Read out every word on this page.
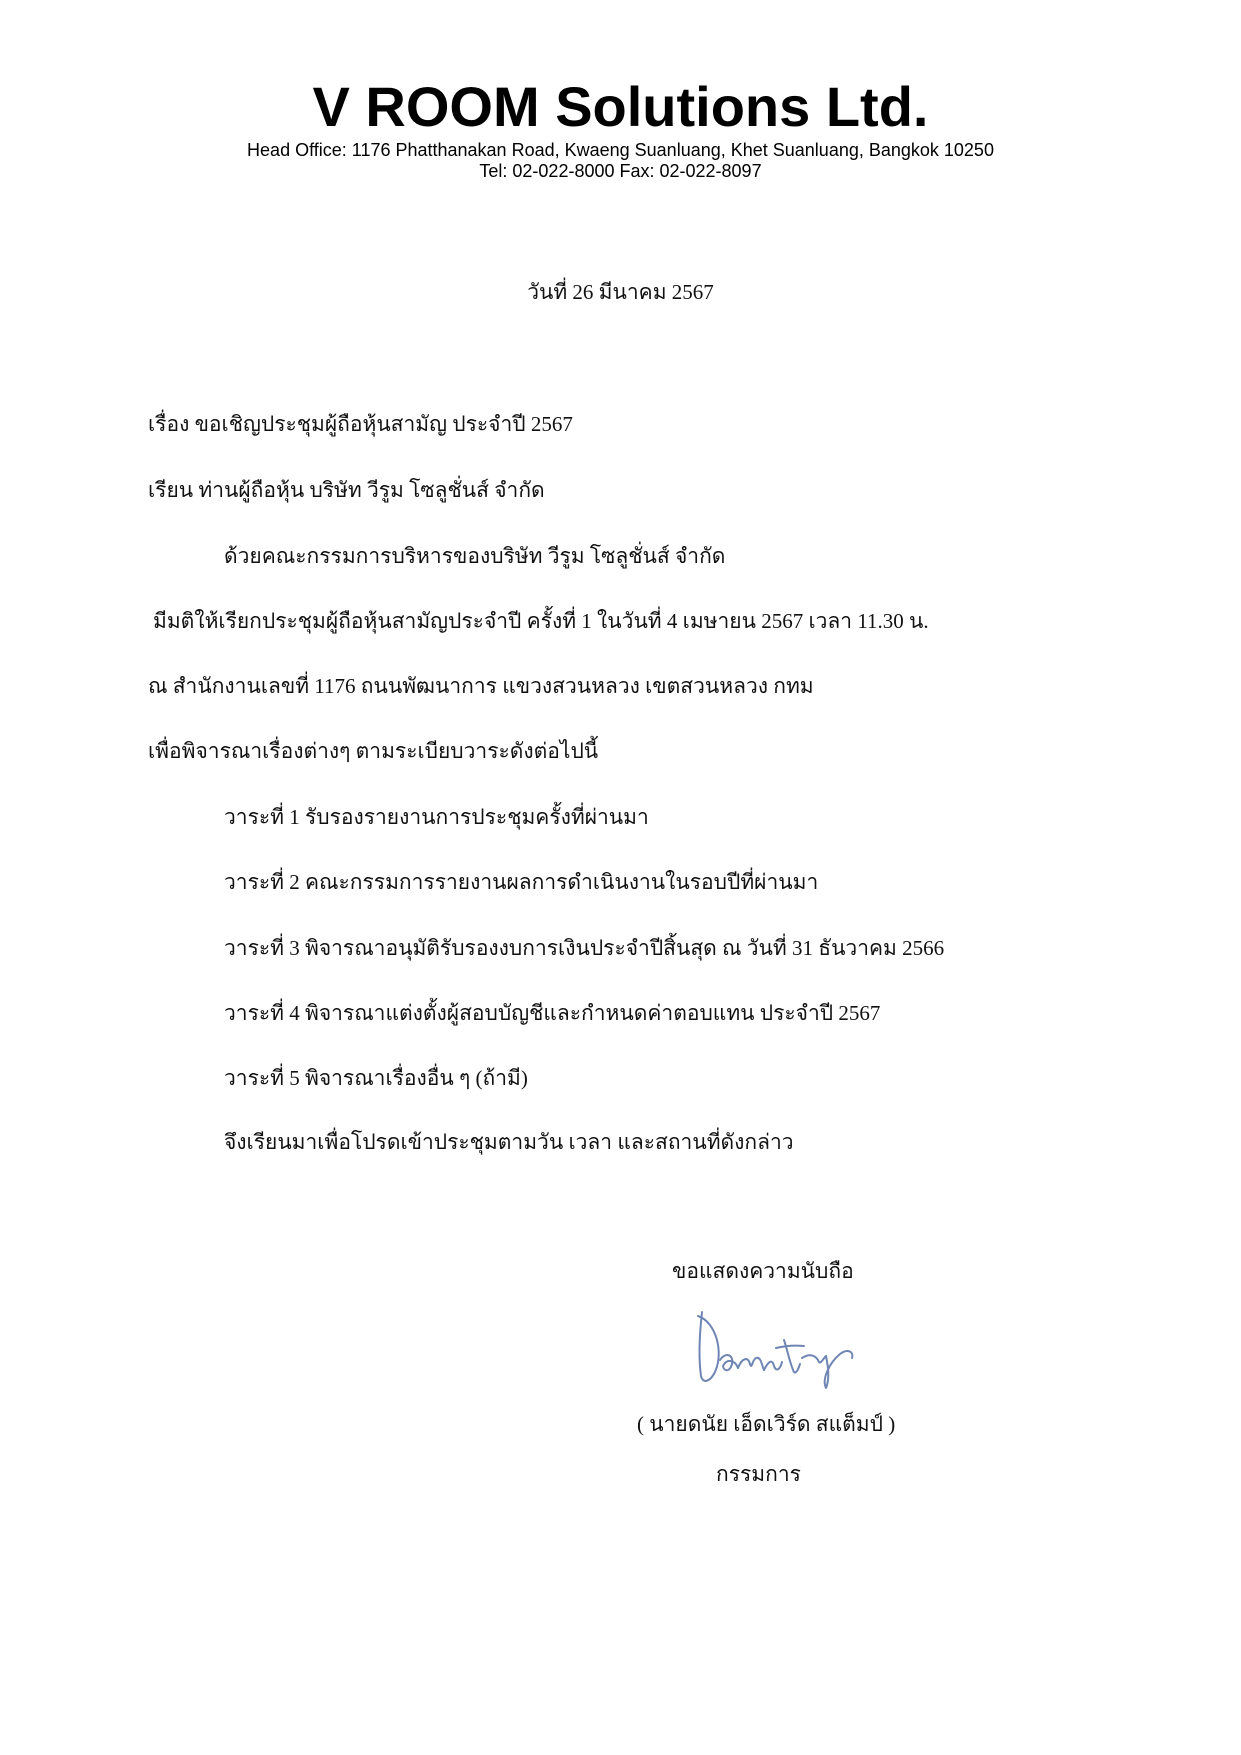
V ROOM Solutions Ltd.
Head Office: 1176 Phatthanakan Road, Kwaeng Suanluang, Khet Suanluang, Bangkok 10250
Tel: 02-022-8000 Fax: 02-022-8097
วันที่ 26 มีนาคม 2567
เรื่อง ขอเชิญประชุมผู้ถือหุ้นสามัญ ประจำปี 2567
เรียน ท่านผู้ถือหุ้น บริษัท วีรูม โซลูชั่นส์ จำกัด
ด้วยคณะกรรมการบริหารของบริษัท วีรูม โซลูชั่นส์ จำกัด
มีมติให้เรียกประชุมผู้ถือหุ้นสามัญประจำปี ครั้งที่ 1 ในวันที่ 4 เมษายน 2567 เวลา 11.30 น.
ณ สำนักงานเลขที่ 1176 ถนนพัฒนาการ แขวงสวนหลวง เขตสวนหลวง กทม
เพื่อพิจารณาเรื่องต่างๆ ตามระเบียบวาระดังต่อไปนี้
วาระที่ 1 รับรองรายงานการประชุมครั้งที่ผ่านมา
วาระที่ 2 คณะกรรมการรายงานผลการดำเนินงานในรอบปีที่ผ่านมา
วาระที่ 3 พิจารณาอนุมัติรับรองงบการเงินประจำปีสิ้นสุด ณ วันที่ 31 ธันวาคม 2566
วาระที่ 4 พิจารณาแต่งตั้งผู้สอบบัญชีและกำหนดค่าตอบแทน ประจำปี 2567
วาระที่ 5 พิจารณาเรื่องอื่น ๆ (ถ้ามี)
จึงเรียนมาเพื่อโปรดเข้าประชุมตามวัน เวลา และสถานที่ดังกล่าว
ขอแสดงความนับถือ
( นายดนัย เอ็ดเวิร์ด สแต็มป์ )
กรรมการ
